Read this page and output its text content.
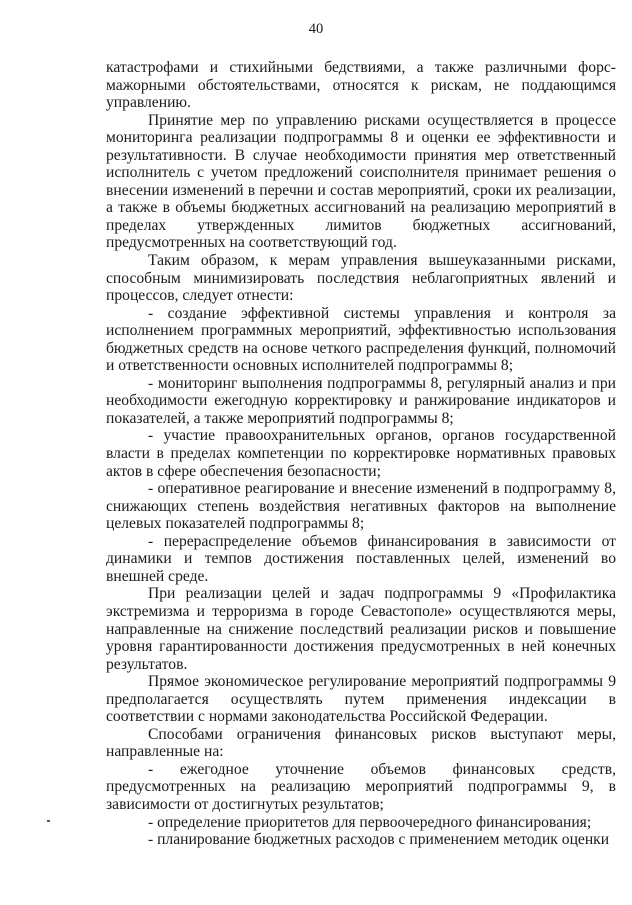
40

катастрофами и стихийными бедствиями, а также различными форс-мажорными обстоятельствами, относятся к рискам, не поддающимся управлению.

Принятие мер по управлению рисками осуществляется в процессе мониторинга реализации подпрограммы 8 и оценки ее эффективности и результативности. В случае необходимости принятия мер ответственный исполнитель с учетом предложений соисполнителя принимает решения о внесении изменений в перечни и состав мероприятий, сроки их реализации, а также в объемы бюджетных ассигнований на реализацию мероприятий в пределах утвержденных лимитов бюджетных ассигнований, предусмотренных на соответствующий год.

Таким образом, к мерам управления вышеуказанными рисками, способным минимизировать последствия неблагоприятных явлений и процессов, следует отнести:

- создание эффективной системы управления и контроля за исполнением программных мероприятий, эффективностью использования бюджетных средств на основе четкого распределения функций, полномочий и ответственности основных исполнителей подпрограммы 8;

- мониторинг выполнения подпрограммы 8, регулярный анализ и при необходимости ежегодную корректировку и ранжирование индикаторов и показателей, а также мероприятий подпрограммы 8;

- участие правоохранительных органов, органов государственной власти в пределах компетенции по корректировке нормативных правовых актов в сфере обеспечения безопасности;

- оперативное реагирование и внесение изменений в подпрограмму 8, снижающих степень воздействия негативных факторов на выполнение целевых показателей подпрограммы 8;

- перераспределение объемов финансирования в зависимости от динамики и темпов достижения поставленных целей, изменений во внешней среде.

При реализации целей и задач подпрограммы 9 «Профилактика экстремизма и терроризма в городе Севастополе» осуществляются меры, направленные на снижение последствий реализации рисков и повышение уровня гарантированности достижения предусмотренных в ней конечных результатов.

Прямое экономическое регулирование мероприятий подпрограммы 9 предполагается осуществлять путем применения индексации в соответствии с нормами законодательства Российской Федерации.

Способами ограничения финансовых рисков выступают меры, направленные на:

- ежегодное уточнение объемов финансовых средств, предусмотренных на реализацию мероприятий подпрограммы 9, в зависимости от достигнутых результатов;

- определение приоритетов для первоочередного финансирования;

- планирование бюджетных расходов с применением методик оценки
